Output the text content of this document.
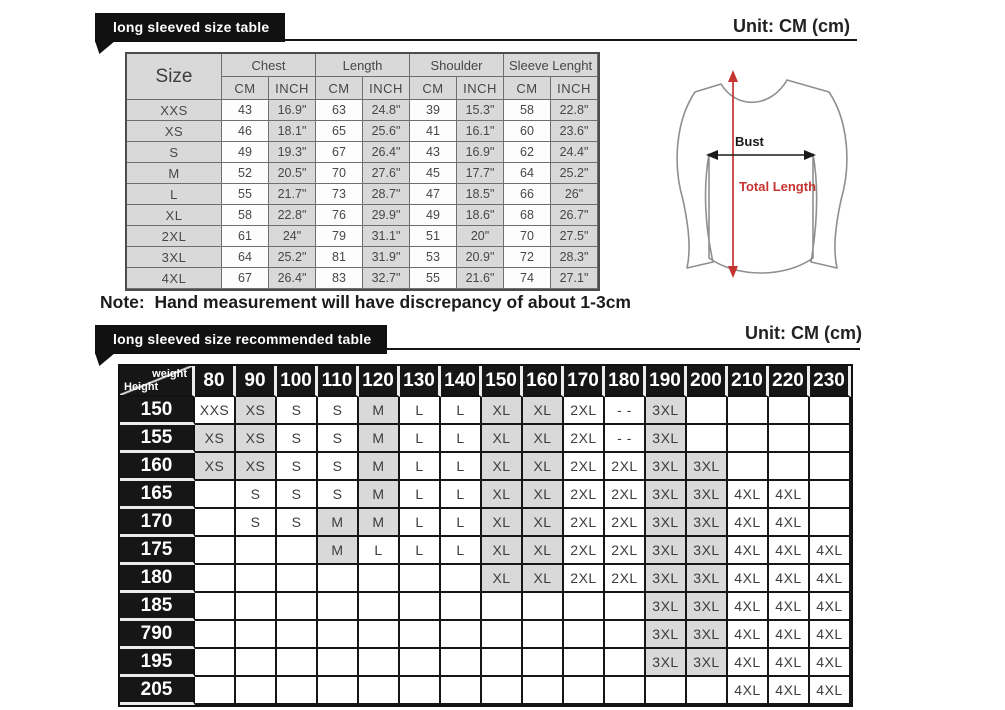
long sleeved size table	Unit: CM (cm)
Size	Chest		Length		Shoulder		Sleeve Lenght	
	CM	INCH	CM	INCH	CM	INCH	CM	INCH
XXS	43	16.9"	63	24.8"	39	15.3"	58	22.8"
XS	46	18.1"	65	25.6"	41	16.1"	60	23.6"
S	49	19.3"	67	26.4"	43	16.9"	62	24.4"
M	52	20.5"	70	27.6"	45	17.7"	64	25.2"
L	55	21.7"	73	28.7"	47	18.5"	66	26"
XL	58	22.8"	76	29.9"	49	18.6"	68	26.7"
2XL	61	24"	79	31.1"	51	20"	70	27.5"
3XL	64	25.2"	81	31.9"	53	20.9"	72	28.3"
4XL	67	26.4"	83	32.7"	55	21.6"	74	27.1"
Bust
Total Length
Note:  Hand measurement will have discrepancy of about 1-3cm
long sleeved size recommended table	Unit: CM (cm)
weight
Height	80	90	100	110	120	130	140	150	160	170	180	190	200	210	220	230
150	XXS	XS	S	S	M	L	L	XL	XL	2XL	- -	3XL				
155	XS	XS	S	S	M	L	L	XL	XL	2XL	- -	3XL				
160	XS	XS	S	S	M	L	L	XL	XL	2XL	2XL	3XL	3XL			
165		S	S	S	M	L	L	XL	XL	2XL	2XL	3XL	3XL	4XL	4XL	
170		S	S	M	M	L	L	XL	XL	2XL	2XL	3XL	3XL	4XL	4XL	
175				M	L	L	L	XL	XL	2XL	2XL	3XL	3XL	4XL	4XL	4XL
180								XL	XL	2XL	2XL	3XL	3XL	4XL	4XL	4XL
185												3XL	3XL	4XL	4XL	4XL
790												3XL	3XL	4XL	4XL	4XL
195												3XL	3XL	4XL	4XL	4XL
205														4XL	4XL	4XL
